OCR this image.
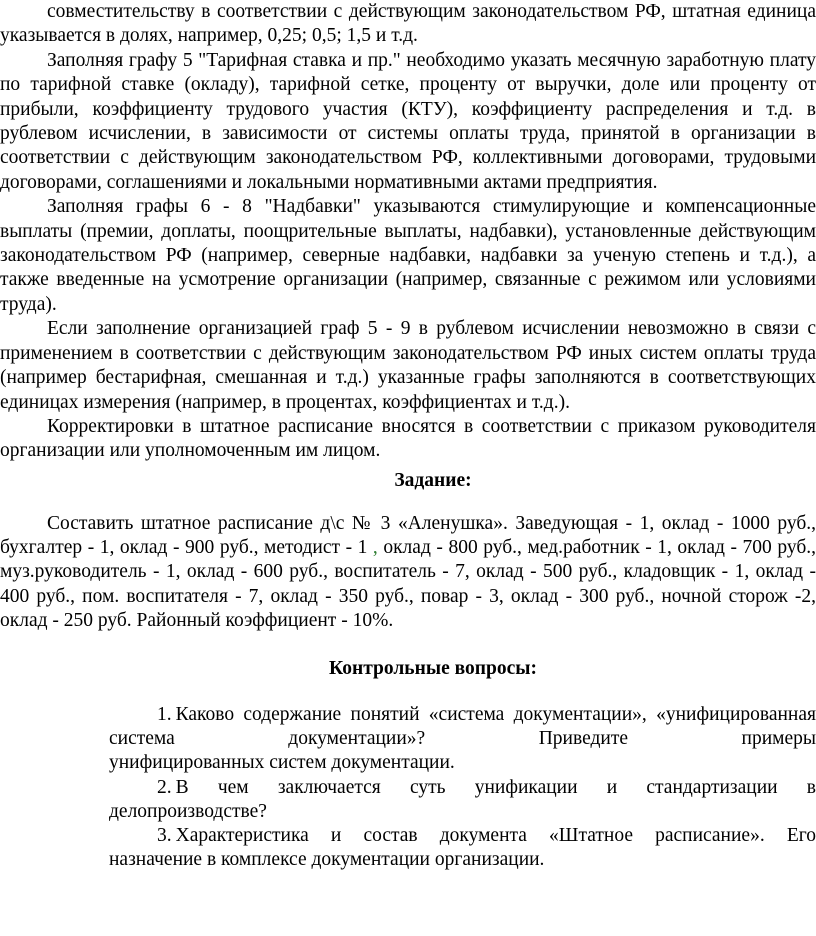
совместительству в соответствии с действующим законодательством РФ, штатная единица указывается в долях, например, 0,25; 0,5; 1,5 и т.д.

Заполняя графу 5 "Тарифная ставка и пр." необходимо указать месячную заработную плату по тарифной ставке (окладу), тарифной сетке, проценту от выручки, доле или проценту от прибыли, коэффициенту трудового участия (КТУ), коэффициенту распределения и т.д. в рублевом исчислении, в зависимости от системы оплаты труда, принятой в организации в соответствии с действующим законодательством РФ, коллективными договорами, трудовыми договорами, соглашениями и локальными нормативными актами предприятия.

Заполняя графы 6 - 8 "Надбавки" указываются стимулирующие и компенсационные выплаты (премии, доплаты, поощрительные выплаты, надбавки), установленные действующим законодательством РФ (например, северные надбавки, надбавки за ученую степень и т.д.), а также введенные на усмотрение организации (например, связанные с режимом или условиями труда).

Если заполнение организацией граф 5 - 9 в рублевом исчислении невозможно в связи с применением в соответствии с действующим законодательством РФ иных систем оплаты труда (например бестарифная, смешанная и т.д.) указанные графы заполняются в соответствующих единицах измерения (например, в процентах, коэффициентах и т.д.).

Корректировки в штатное расписание вносятся в соответствии с приказом руководителя организации или уполномоченным им лицом.

Задание:

Составить штатное расписание д\с № 3 «Аленушка». Заведующая - 1, оклад - 1000 руб., бухгалтер - 1, оклад - 900 руб., методист - 1 , оклад - 800 руб., мед.работник - 1, оклад - 700 руб., муз.руководитель - 1, оклад - 600 руб., воспитатель - 7, оклад - 500 руб., кладовщик - 1, оклад - 400 руб., пом. воспитателя - 7, оклад - 350 руб., повар - 3, оклад - 300 руб., ночной сторож -2, оклад - 250 руб. Районный коэффициент - 10%.

Контрольные вопросы:
1. Каково содержание понятий «система документации», «унифицированная система документации»? Приведите примеры
унифицированных систем документации.
2. В чем заключается суть унификации и стандартизации в
делопроизводстве?
3. Характеристика и состав документа «Штатное расписание». Его
назначение в комплексе документации организации.
